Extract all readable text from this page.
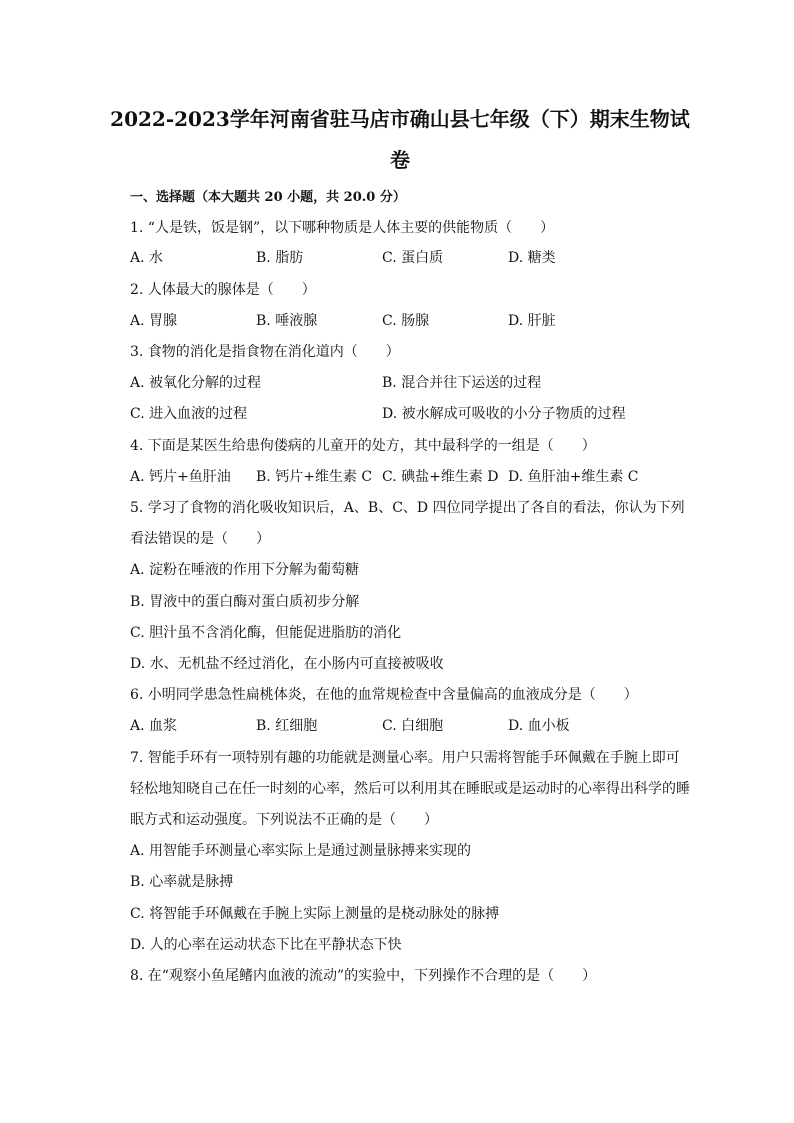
2022-2023学年河南省驻马店市确山县七年级（下）期末生物试
卷
一、选择题（本大题共 20 小题，共 20.0 分）
1. “人是铁，饭是钢”，以下哪种物质是人体主要的供能物质（　　）
A. 水	B. 脂肪	C. 蛋白质	D. 糖类
2. 人体最大的腺体是（　　）
A. 胃腺	B. 唾液腺	C. 肠腺	D. 肝脏
3. 食物的消化是指食物在消化道内（　　）
A. 被氧化分解的过程	B. 混合并往下运送的过程
C. 进入血液的过程	D. 被水解成可吸收的小分子物质的过程
4. 下面是某医生给患佝偻病的儿童开的处方，其中最科学的一组是（　　）
A. 钙片+鱼肝油 B. 钙片+维生素 C C. 碘盐+维生素 D D. 鱼肝油+维生素 C
5. 学习了食物的消化吸收知识后，A、B、C、D 四位同学提出了各自的看法，你认为下列
看法错误的是（　　）
A. 淀粉在唾液的作用下分解为葡萄糖
B. 胃液中的蛋白酶对蛋白质初步分解
C. 胆汁虽不含消化酶，但能促进脂肪的消化
D. 水、无机盐不经过消化，在小肠内可直接被吸收
6. 小明同学患急性扁桃体炎，在他的血常规检查中含量偏高的血液成分是（　　）
A. 血浆	B. 红细胞	C. 白细胞	D. 血小板
7. 智能手环有一项特别有趣的功能就是测量心率。用户只需将智能手环佩戴在手腕上即可
轻松地知晓自己在任一时刻的心率，然后可以利用其在睡眠或是运动时的心率得出科学的睡
眠方式和运动强度。下列说法不正确的是（　　）
A. 用智能手环测量心率实际上是通过测量脉搏来实现的
B. 心率就是脉搏
C. 将智能手环佩戴在手腕上实际上测量的是桡动脉处的脉搏
D. 人的心率在运动状态下比在平静状态下快
8. 在“观察小鱼尾鳍内血液的流动”的实验中，下列操作不合理的是（　　）
